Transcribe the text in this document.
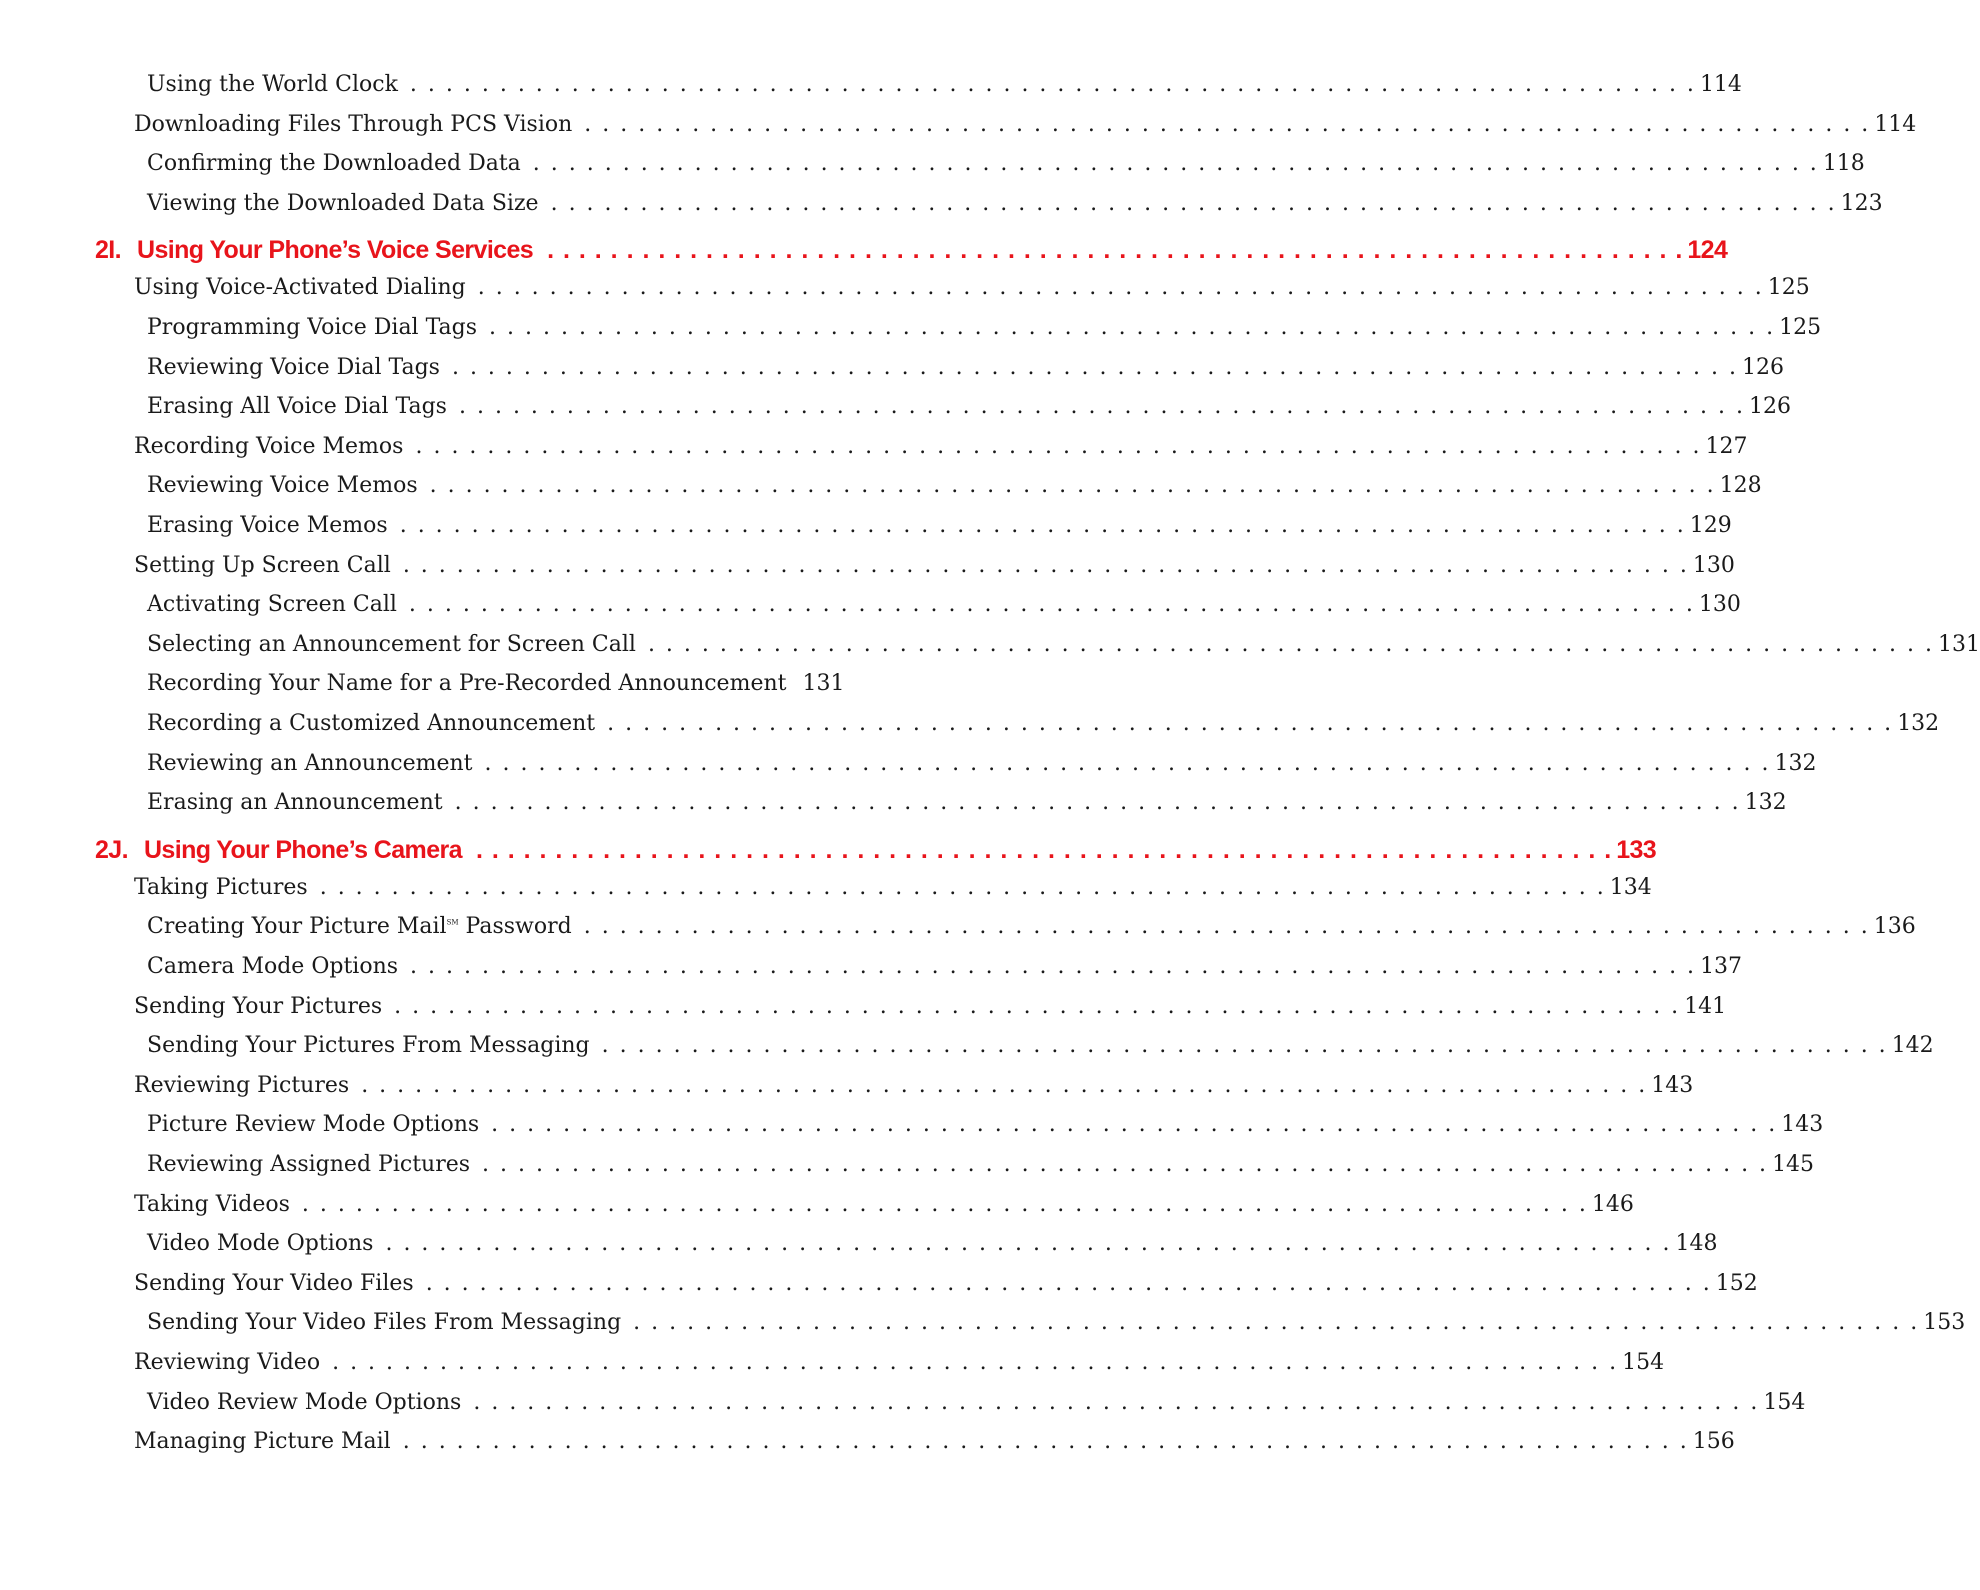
Using the World Clock . . . . . . . . . . . . . . . . . . . . . . . . . . . . . . . . . . . . . . . . . . . . . . . . . . . . . . . . . . . . . . . . . . . . . . . . 114
Downloading Files Through PCS Vision . . . . . . . . . . . . . . . . . . . . . . . . . . . . . . . . . . . . . . . . . . . . . . . . . . . . . . . . . . . . . . . . . . . . . . . . 114
Confirming the Downloaded Data . . . . . . . . . . . . . . . . . . . . . . . . . . . . . . . . . . . . . . . . . . . . . . . . . . . . . . . . . . . . . . . . . . . . . . . . 118
Viewing the Downloaded Data Size . . . . . . . . . . . . . . . . . . . . . . . . . . . . . . . . . . . . . . . . . . . . . . . . . . . . . . . . . . . . . . . . . . . . . . . . 123
2I. Using Your Phone’s Voice Services . . . . . . . . . . . . . . . . . . . . . . . . . . . . . . . . . . . . . . . . . . . . . . . . . . . . . . . . . . . . . . . . . . . . . . . . 124
Using Voice-Activated Dialing . . . . . . . . . . . . . . . . . . . . . . . . . . . . . . . . . . . . . . . . . . . . . . . . . . . . . . . . . . . . . . . . . . . . . . . . 125
Programming Voice Dial Tags . . . . . . . . . . . . . . . . . . . . . . . . . . . . . . . . . . . . . . . . . . . . . . . . . . . . . . . . . . . . . . . . . . . . . . . . 125
Reviewing Voice Dial Tags . . . . . . . . . . . . . . . . . . . . . . . . . . . . . . . . . . . . . . . . . . . . . . . . . . . . . . . . . . . . . . . . . . . . . . . . 126
Erasing All Voice Dial Tags . . . . . . . . . . . . . . . . . . . . . . . . . . . . . . . . . . . . . . . . . . . . . . . . . . . . . . . . . . . . . . . . . . . . . . . . 126
Recording Voice Memos . . . . . . . . . . . . . . . . . . . . . . . . . . . . . . . . . . . . . . . . . . . . . . . . . . . . . . . . . . . . . . . . . . . . . . . . 127
Reviewing Voice Memos . . . . . . . . . . . . . . . . . . . . . . . . . . . . . . . . . . . . . . . . . . . . . . . . . . . . . . . . . . . . . . . . . . . . . . . . 128
Erasing Voice Memos . . . . . . . . . . . . . . . . . . . . . . . . . . . . . . . . . . . . . . . . . . . . . . . . . . . . . . . . . . . . . . . . . . . . . . . . 129
Setting Up Screen Call . . . . . . . . . . . . . . . . . . . . . . . . . . . . . . . . . . . . . . . . . . . . . . . . . . . . . . . . . . . . . . . . . . . . . . . . 130
Activating Screen Call . . . . . . . . . . . . . . . . . . . . . . . . . . . . . . . . . . . . . . . . . . . . . . . . . . . . . . . . . . . . . . . . . . . . . . . . 130
Selecting an Announcement for Screen Call . . . . . . . . . . . . . . . . . . . . . . . . . . . . . . . . . . . . . . . . . . . . . . . . . . . . . . . . . . . . . . . . . . . . . . . . 131
Recording Your Name for a Pre-Recorded Announcement 131
Recording a Customized Announcement . . . . . . . . . . . . . . . . . . . . . . . . . . . . . . . . . . . . . . . . . . . . . . . . . . . . . . . . . . . . . . . . . . . . . . . . 132
Reviewing an Announcement . . . . . . . . . . . . . . . . . . . . . . . . . . . . . . . . . . . . . . . . . . . . . . . . . . . . . . . . . . . . . . . . . . . . . . . . 132
Erasing an Announcement . . . . . . . . . . . . . . . . . . . . . . . . . . . . . . . . . . . . . . . . . . . . . . . . . . . . . . . . . . . . . . . . . . . . . . . . 132
2J. Using Your Phone’s Camera . . . . . . . . . . . . . . . . . . . . . . . . . . . . . . . . . . . . . . . . . . . . . . . . . . . . . . . . . . . . . . . . . . . . . . . . 133
Taking Pictures . . . . . . . . . . . . . . . . . . . . . . . . . . . . . . . . . . . . . . . . . . . . . . . . . . . . . . . . . . . . . . . . . . . . . . . . 134
Creating Your Picture Mail℠ Password . . . . . . . . . . . . . . . . . . . . . . . . . . . . . . . . . . . . . . . . . . . . . . . . . . . . . . . . . . . . . . . . . . . . . . . . 136
Camera Mode Options . . . . . . . . . . . . . . . . . . . . . . . . . . . . . . . . . . . . . . . . . . . . . . . . . . . . . . . . . . . . . . . . . . . . . . . . 137
Sending Your Pictures . . . . . . . . . . . . . . . . . . . . . . . . . . . . . . . . . . . . . . . . . . . . . . . . . . . . . . . . . . . . . . . . . . . . . . . . 141
Sending Your Pictures From Messaging . . . . . . . . . . . . . . . . . . . . . . . . . . . . . . . . . . . . . . . . . . . . . . . . . . . . . . . . . . . . . . . . . . . . . . . . 142
Reviewing Pictures . . . . . . . . . . . . . . . . . . . . . . . . . . . . . . . . . . . . . . . . . . . . . . . . . . . . . . . . . . . . . . . . . . . . . . . . 143
Picture Review Mode Options . . . . . . . . . . . . . . . . . . . . . . . . . . . . . . . . . . . . . . . . . . . . . . . . . . . . . . . . . . . . . . . . . . . . . . . . 143
Reviewing Assigned Pictures . . . . . . . . . . . . . . . . . . . . . . . . . . . . . . . . . . . . . . . . . . . . . . . . . . . . . . . . . . . . . . . . . . . . . . . . 145
Taking Videos . . . . . . . . . . . . . . . . . . . . . . . . . . . . . . . . . . . . . . . . . . . . . . . . . . . . . . . . . . . . . . . . . . . . . . . . 146
Video Mode Options . . . . . . . . . . . . . . . . . . . . . . . . . . . . . . . . . . . . . . . . . . . . . . . . . . . . . . . . . . . . . . . . . . . . . . . . 148
Sending Your Video Files . . . . . . . . . . . . . . . . . . . . . . . . . . . . . . . . . . . . . . . . . . . . . . . . . . . . . . . . . . . . . . . . . . . . . . . . 152
Sending Your Video Files From Messaging . . . . . . . . . . . . . . . . . . . . . . . . . . . . . . . . . . . . . . . . . . . . . . . . . . . . . . . . . . . . . . . . . . . . . . . . 153
Reviewing Video . . . . . . . . . . . . . . . . . . . . . . . . . . . . . . . . . . . . . . . . . . . . . . . . . . . . . . . . . . . . . . . . . . . . . . . . 154
Video Review Mode Options . . . . . . . . . . . . . . . . . . . . . . . . . . . . . . . . . . . . . . . . . . . . . . . . . . . . . . . . . . . . . . . . . . . . . . . . 154
Managing Picture Mail . . . . . . . . . . . . . . . . . . . . . . . . . . . . . . . . . . . . . . . . . . . . . . . . . . . . . . . . . . . . . . . . . . . . . . . . 156
